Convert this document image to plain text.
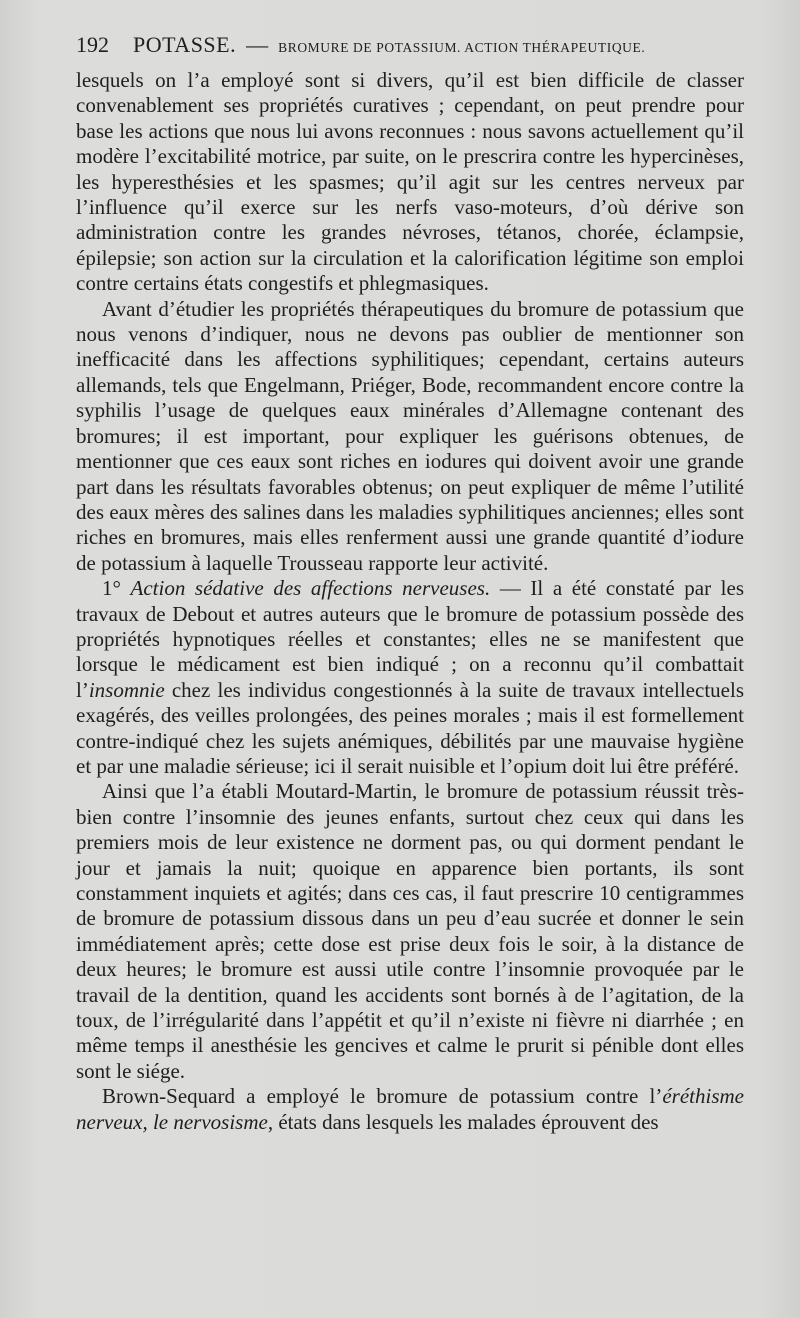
192 POTASSE. — BROMURE DE POTASSIUM. ACTION THÉRAPEUTIQUE.

lesquels on l’a employé sont si divers, qu’il est bien difficile de classer convenablement ses propriétés curatives ; cependant, on peut prendre pour base les actions que nous lui avons reconnues : nous savons actuellement qu’il modère l’excitabilité motrice, par suite, on le prescrira contre les hypercinèses, les hyperesthésies et les spasmes; qu’il agit sur les centres nerveux par l’influence qu’il exerce sur les nerfs vaso-moteurs, d’où dérive son administration contre les grandes névroses, tétanos, chorée, éclampsie, épilepsie; son action sur la circulation et la calorification légitime son emploi contre certains états congestifs et phlegmasiques.

Avant d’étudier les propriétés thérapeutiques du bromure de potassium que nous venons d’indiquer, nous ne devons pas oublier de mentionner son inefficacité dans les affections syphilitiques; cependant, certains auteurs allemands, tels que Engelmann, Priéger, Bode, recommandent encore contre la syphilis l’usage de quelques eaux minérales d’Allemagne contenant des bromures; il est important, pour expliquer les guérisons obtenues, de mentionner que ces eaux sont riches en iodures qui doivent avoir une grande part dans les résultats favorables obtenus; on peut expliquer de même l’utilité des eaux mères des salines dans les maladies syphilitiques anciennes; elles sont riches en bromures, mais elles renferment aussi une grande quantité d’iodure de potassium à laquelle Trousseau rapporte leur activité.

1° Action sédative des affections nerveuses. — Il a été constaté par les travaux de Debout et autres auteurs que le bromure de potassium possède des propriétés hypnotiques réelles et constantes; elles ne se manifestent que lorsque le médicament est bien indiqué ; on a reconnu qu’il combattait l’insomnie chez les individus congestionnés à la suite de travaux intellectuels exagérés, des veilles prolongées, des peines morales ; mais il est formellement contre-indiqué chez les sujets anémiques, débilités par une mauvaise hygiène et par une maladie sérieuse; ici il serait nuisible et l’opium doit lui être préféré.

Ainsi que l’a établi Moutard-Martin, le bromure de potassium réussit très-bien contre l’insomnie des jeunes enfants, surtout chez ceux qui dans les premiers mois de leur existence ne dorment pas, ou qui dorment pendant le jour et jamais la nuit; quoique en apparence bien portants, ils sont constamment inquiets et agités; dans ces cas, il faut prescrire 10 centigrammes de bromure de potassium dissous dans un peu d’eau sucrée et donner le sein immédiatement après; cette dose est prise deux fois le soir, à la distance de deux heures; le bromure est aussi utile contre l’insomnie provoquée par le travail de la dentition, quand les accidents sont bornés à de l’agitation, de la toux, de l’irrégularité dans l’appétit et qu’il n’existe ni fièvre ni diarrhée ; en même temps il anesthésie les gencives et calme le prurit si pénible dont elles sont le siége.

Brown-Sequard a employé le bromure de potassium contre l’éréthisme nerveux, le nervosisme, états dans lesquels les malades éprouvent des
